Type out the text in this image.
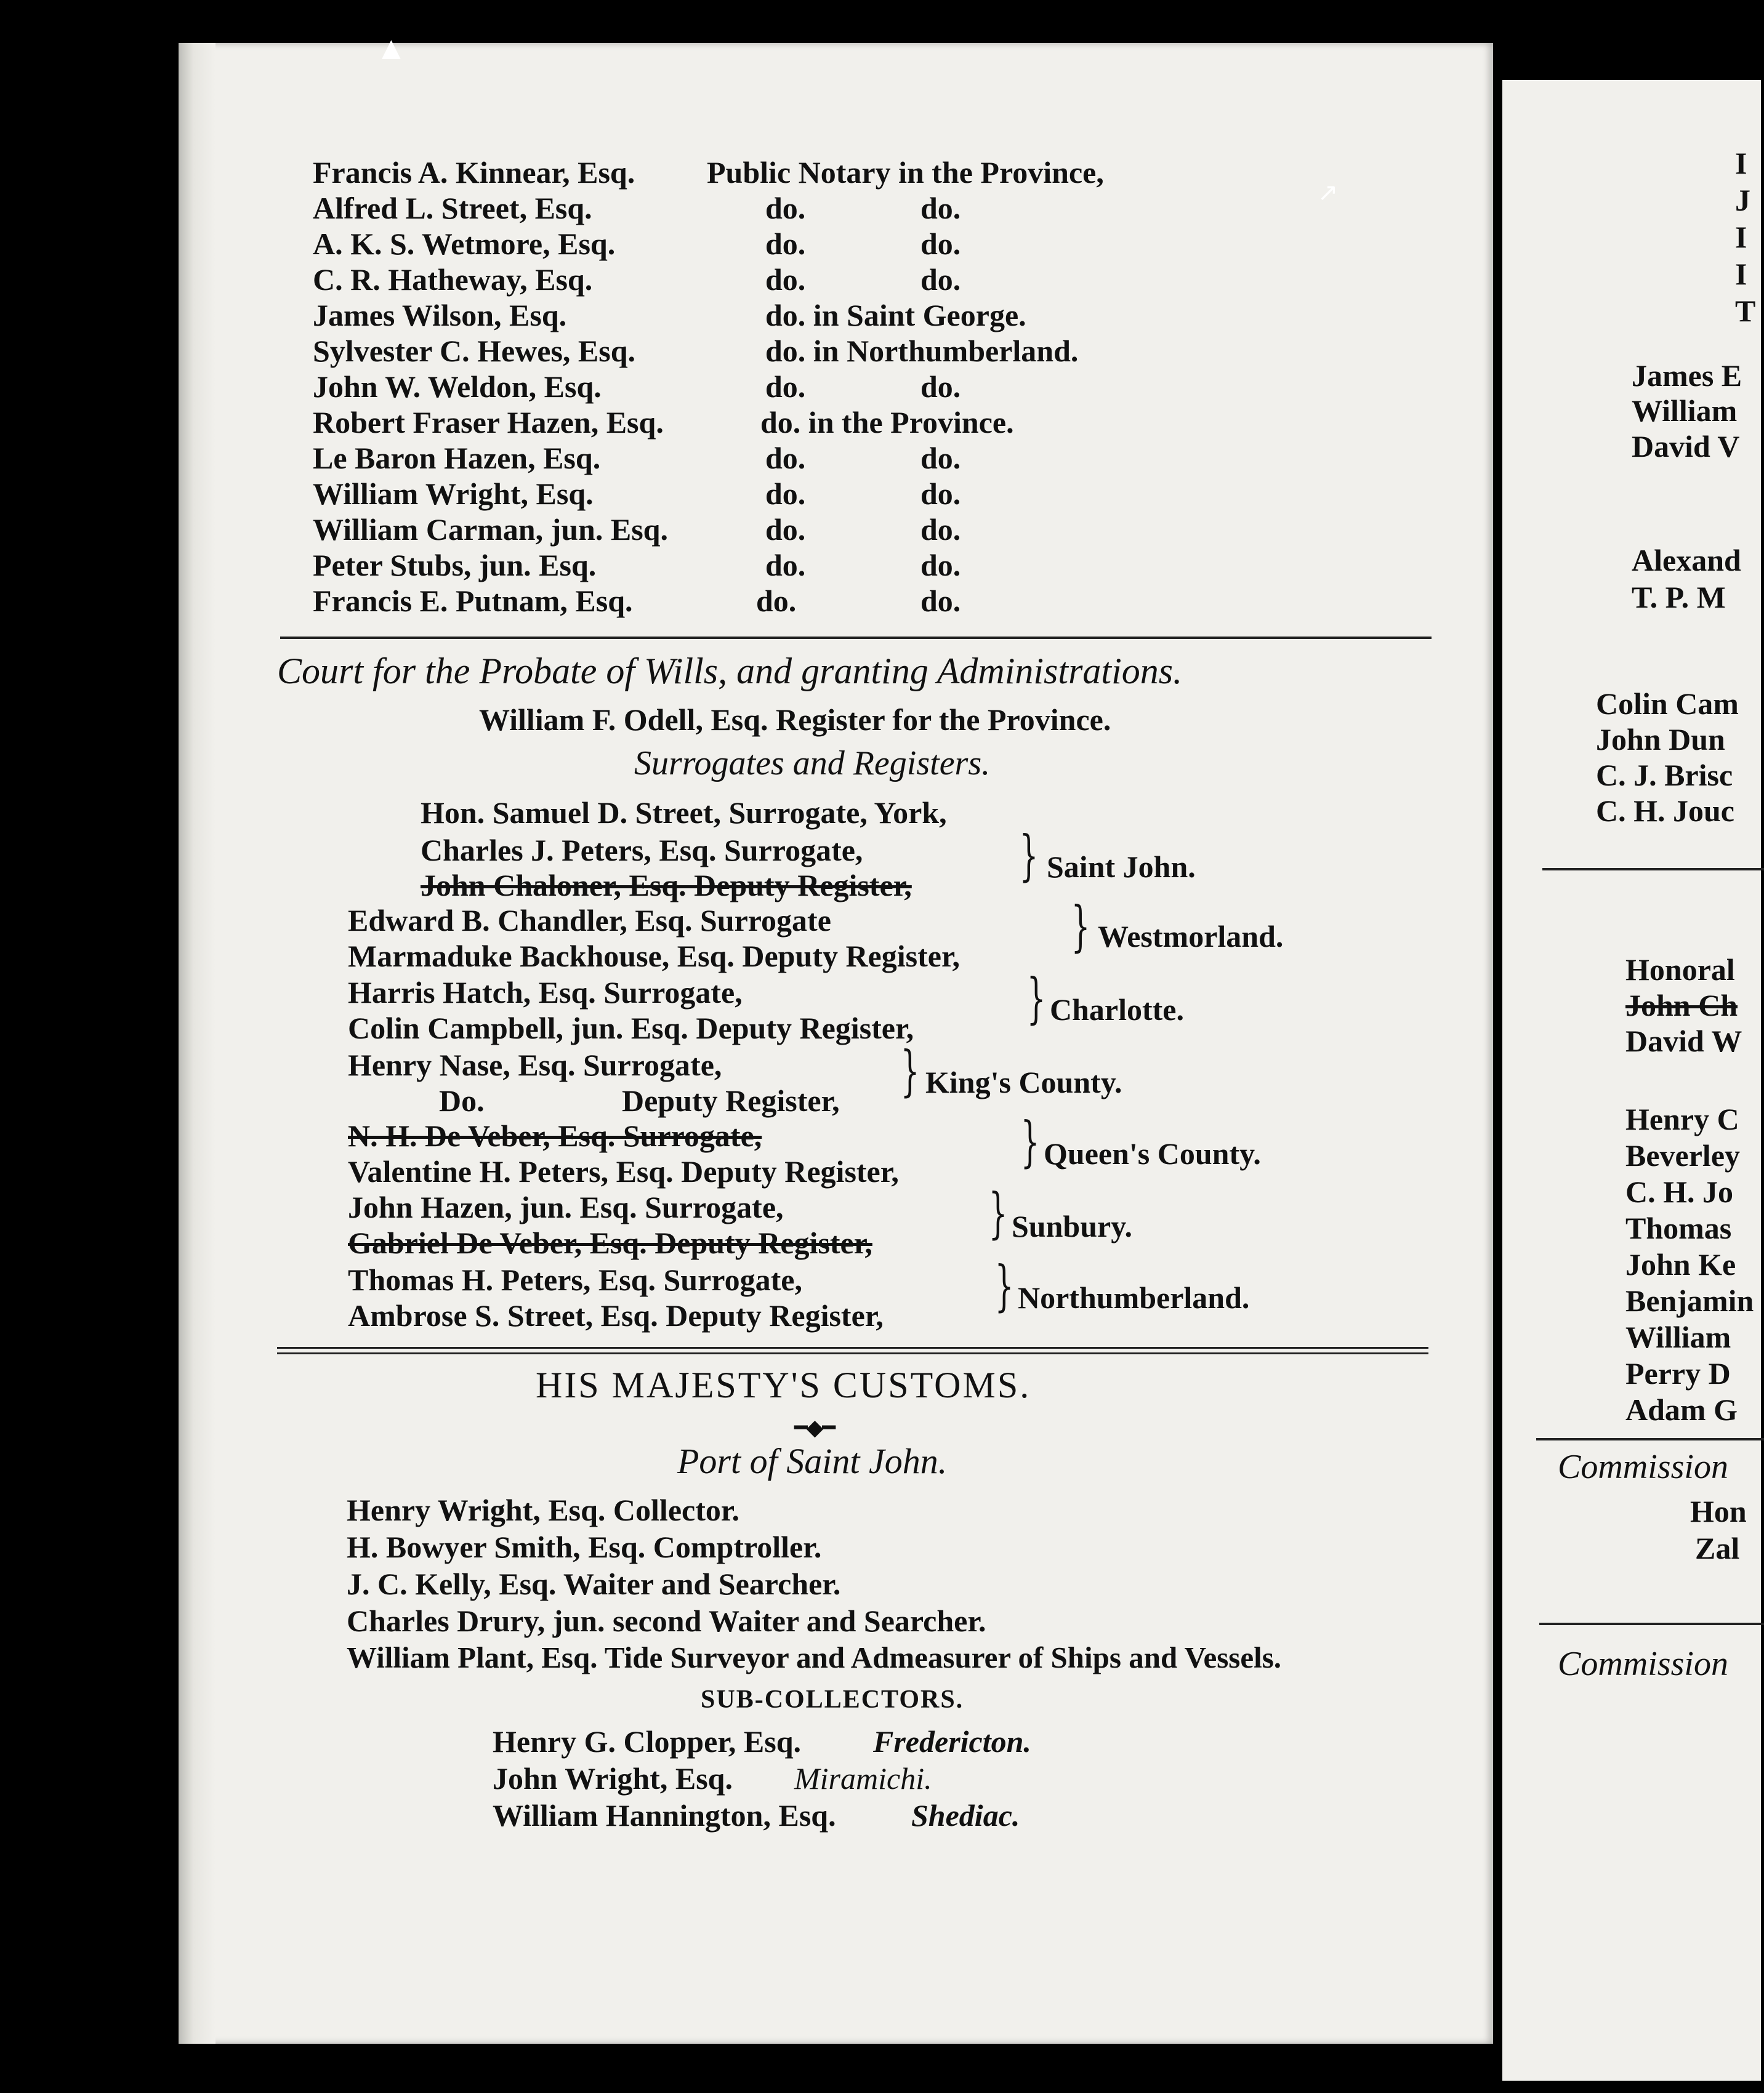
▲
↗
Francis A. Kinnear, Esq. Public Notary in the Province,
Alfred L. Street, Esq.	do.	do.
A. K. S. Wetmore, Esq.	do.	do.
C. R. Hatheway, Esq.	do.	do.
James Wilson, Esq.	do. in Saint George.
Sylvester C. Hewes, Esq.	do. in Northumberland.
John W. Weldon, Esq.	do.	do.
Robert Fraser Hazen, Esq.	do. in the Province.
Le Baron Hazen, Esq.	do.	do.
William Wright, Esq.	do.	do.
William Carman, jun. Esq.	do.	do.
Peter Stubs, jun. Esq.	do.	do.
Francis E. Putnam, Esq.	do.	do.
Court for the Probate of Wills, and granting Administrations.
William F. Odell, Esq. Register for the Province.
Surrogates and Registers.
Hon. Samuel D. Street, Surrogate, York,
Charles J. Peters, Esq. Surrogate,
John Chaloner, Esq. Deputy Register, } Saint John.
Edward B. Chandler, Esq. Surrogate
Marmaduke Backhouse, Esq. Deputy Register, } Westmorland.
Harris Hatch, Esq. Surrogate,
Colin Campbell, jun. Esq. Deputy Register, } Charlotte.
Henry Nase, Esq. Surrogate,
Do.	Deputy Register, } King's County.
N. H. De Veber, Esq. Surrogate,
Valentine H. Peters, Esq. Deputy Register, } Queen's County.
John Hazen, jun. Esq. Surrogate,
Gabriel De Veber, Esq. Deputy Register, } Sunbury.
Thomas H. Peters, Esq. Surrogate,
Ambrose S. Street, Esq. Deputy Register, } Northumberland.
HIS MAJESTY'S CUSTOMS.
━◆━
Port of Saint John.
Henry Wright, Esq. Collector.
H. Bowyer Smith, Esq. Comptroller.
J. C. Kelly, Esq. Waiter and Searcher.
Charles Drury, jun. second Waiter and Searcher.
William Plant, Esq. Tide Surveyor and Admeasurer of Ships and Vessels.
SUB-COLLECTORS.
Henry G. Clopper, Esq. Fredericton.
John Wright, Esq. Miramichi.
William Hannington, Esq. Shediac.
I
J
I
I
T
James E
William
David V
Alexand
T. P. M
Colin Cam
John Dun
C. J. Brisc
C. H. Jouc
Honoral
John Ch
David W
Henry C
Beverley
C. H. Jo
Thomas
John Ke
Benjamin
William
Perry D
Adam G
Commission
Hon
Zal
Commission
